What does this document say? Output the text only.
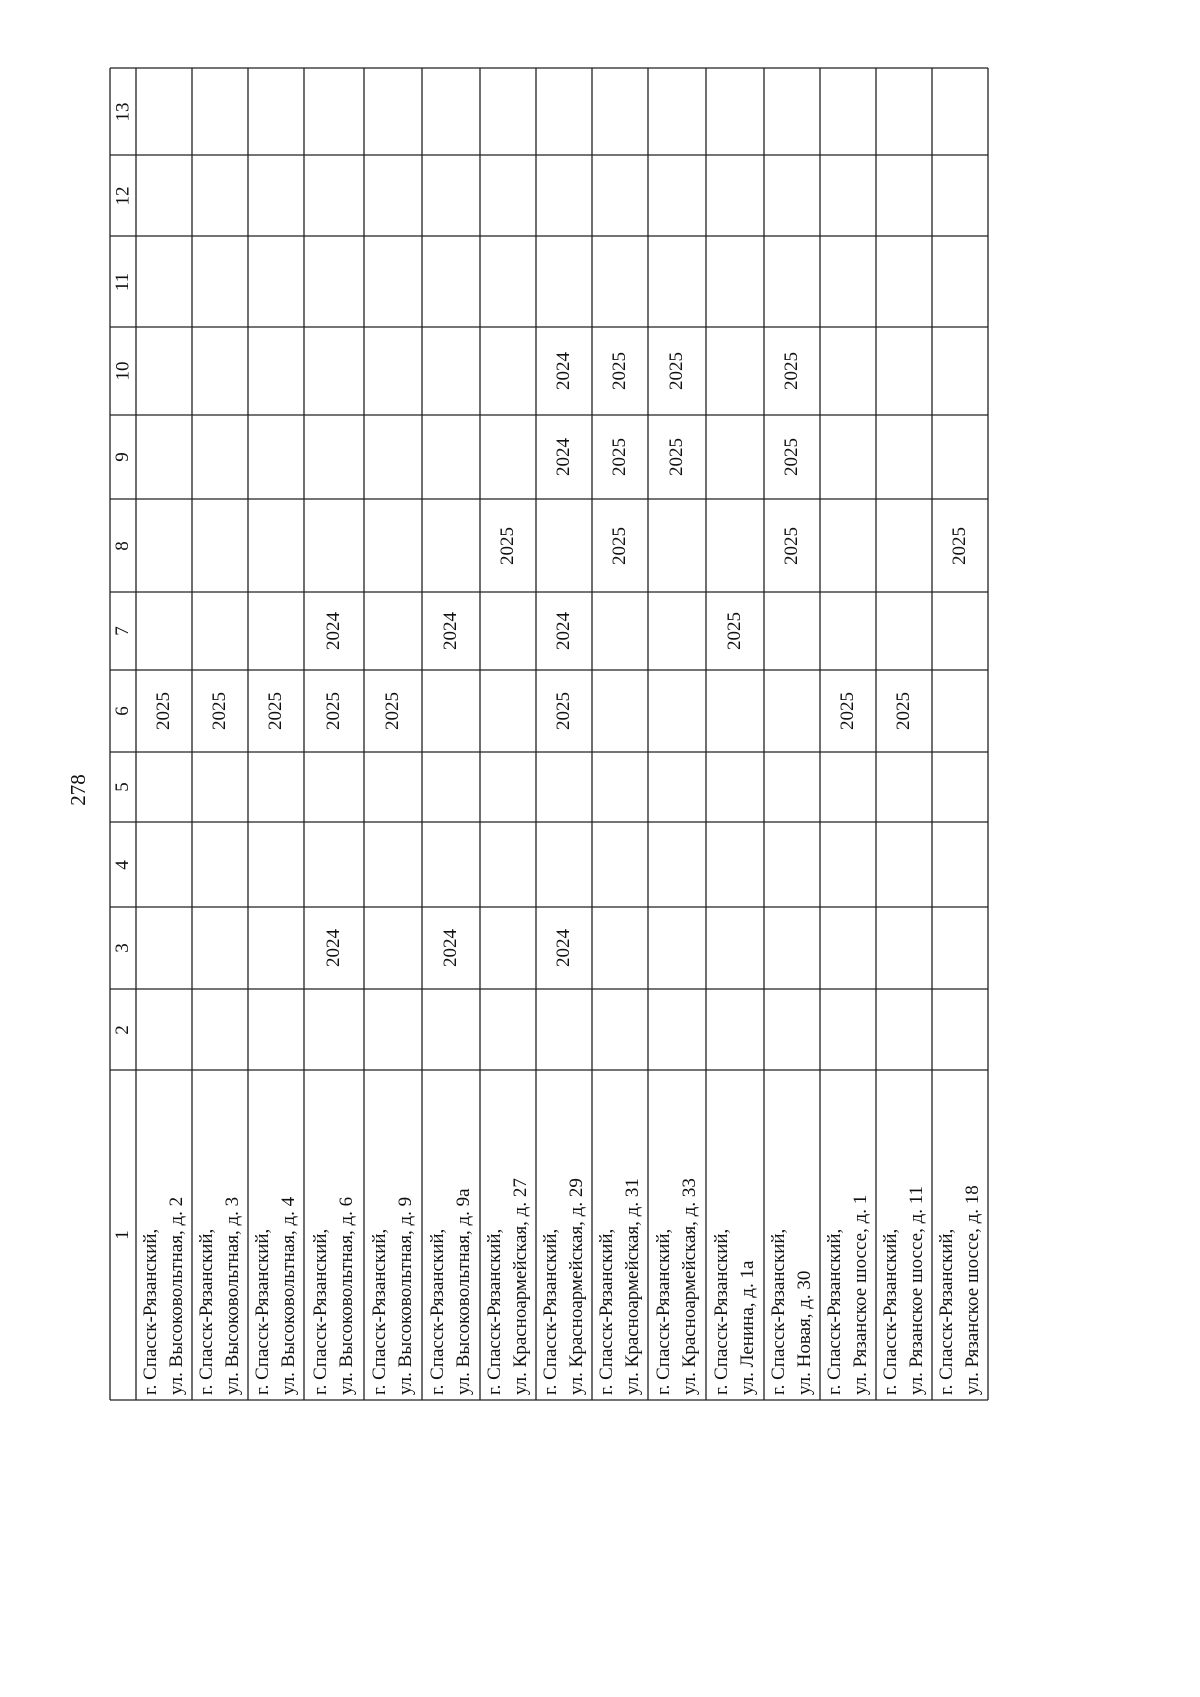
278
13
12
11
10
9
8
7
6
5
4
3
2
1
2025
г. Спасск-Рязанский, ул. Высоковольтная, д. 2
2025
г. Спасск-Рязанский, ул. Высоковольтная, д. 3
2025
г. Спасск-Рязанский, ул. Высоковольтная, д. 4
2024
2025
2024
г. Спасск-Рязанский, ул. Высоковольтная, д. 6
2025
г. Спасск-Рязанский, ул. Высоковольтная, д. 9
2024
2024
г. Спасск-Рязанский, ул. Высоковольтная, д. 9а
2025
г. Спасск-Рязанский, ул. Красноармейская, д. 27
2024
2024
2024
2025
2024
г. Спасск-Рязанский, ул. Красноармейская, д. 29
2025
2025
2025
г. Спасск-Рязанский, ул. Красноармейская, д. 31
2025
2025
г. Спасск-Рязанский, ул. Красноармейская, д. 33
2025
г. Спасск-Рязанский, ул. Ленина, д. 1а
2025
2025
2025
г. Спасск-Рязанский, ул. Новая, д. 30
2025
г. Спасск-Рязанский, ул. Рязанское шоссе, д. 1
2025
г. Спасск-Рязанский, ул. Рязанское шоссе, д. 11
2025
г. Спасск-Рязанский, ул. Рязанское шоссе, д. 18
